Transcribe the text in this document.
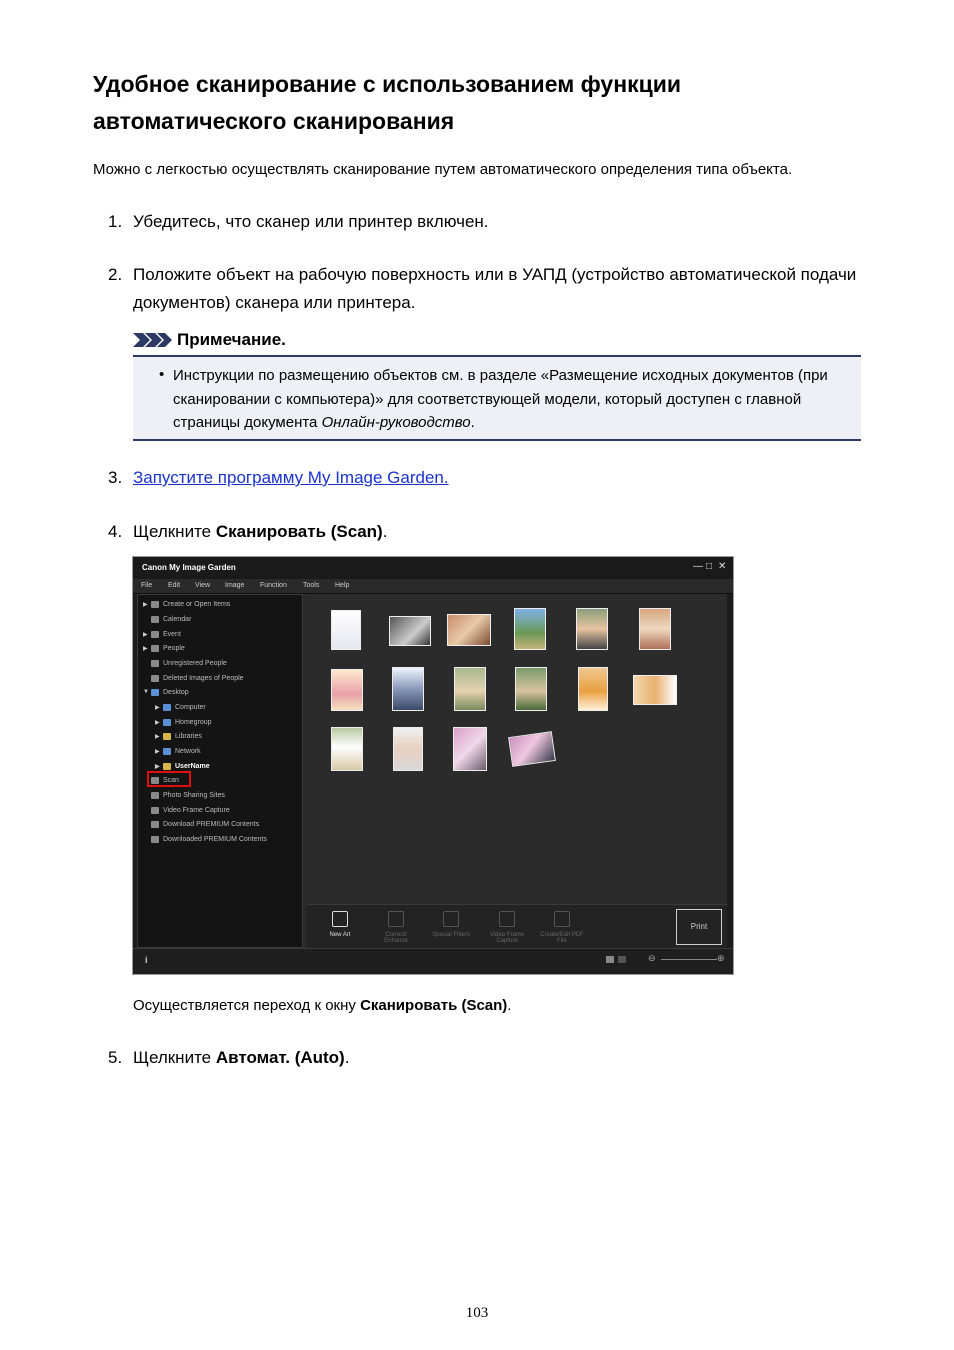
Удобное сканирование с использованием функции автоматического сканирования
Можно с легкостью осуществлять сканирование путем автоматического определения типа объекта.
1. Убедитесь, что сканер или принтер включен.
2. Положите объект на рабочую поверхность или в УАПД (устройство автоматической подачи документов) сканера или принтера.
Примечание.
• Инструкции по размещению объектов см. в разделе «Размещение исходных документов (при сканировании с компьютера)» для соответствующей модели, который доступен с главной страницы документа Онлайн-руководство.
3. Запустите программу My Image Garden.
4. Щелкните Сканировать (Scan).
Canon My Image Garden	— □ ✕
File Edit View Image Function Tools Help
▶	Create or Open Items
Calendar
▶	Event
▶	People
Unregistered People
Deleted Images of People
▼ Desktop
▶	Computer
▶	Homegroup
▶	Libraries
▶	Network
▶	UserName
Scan
Photo Sharing Sites
Video Frame Capture
Download PREMIUM Contents
Downloaded PREMIUM Contents
New Art	Correct/ Enhance
Special Filters	Video Frame Capture
Create/Edit PDF File
Print
i	⊖	⊕
Осуществляется переход к окну Сканировать (Scan).
5. Щелкните Автомат. (Auto).
103
